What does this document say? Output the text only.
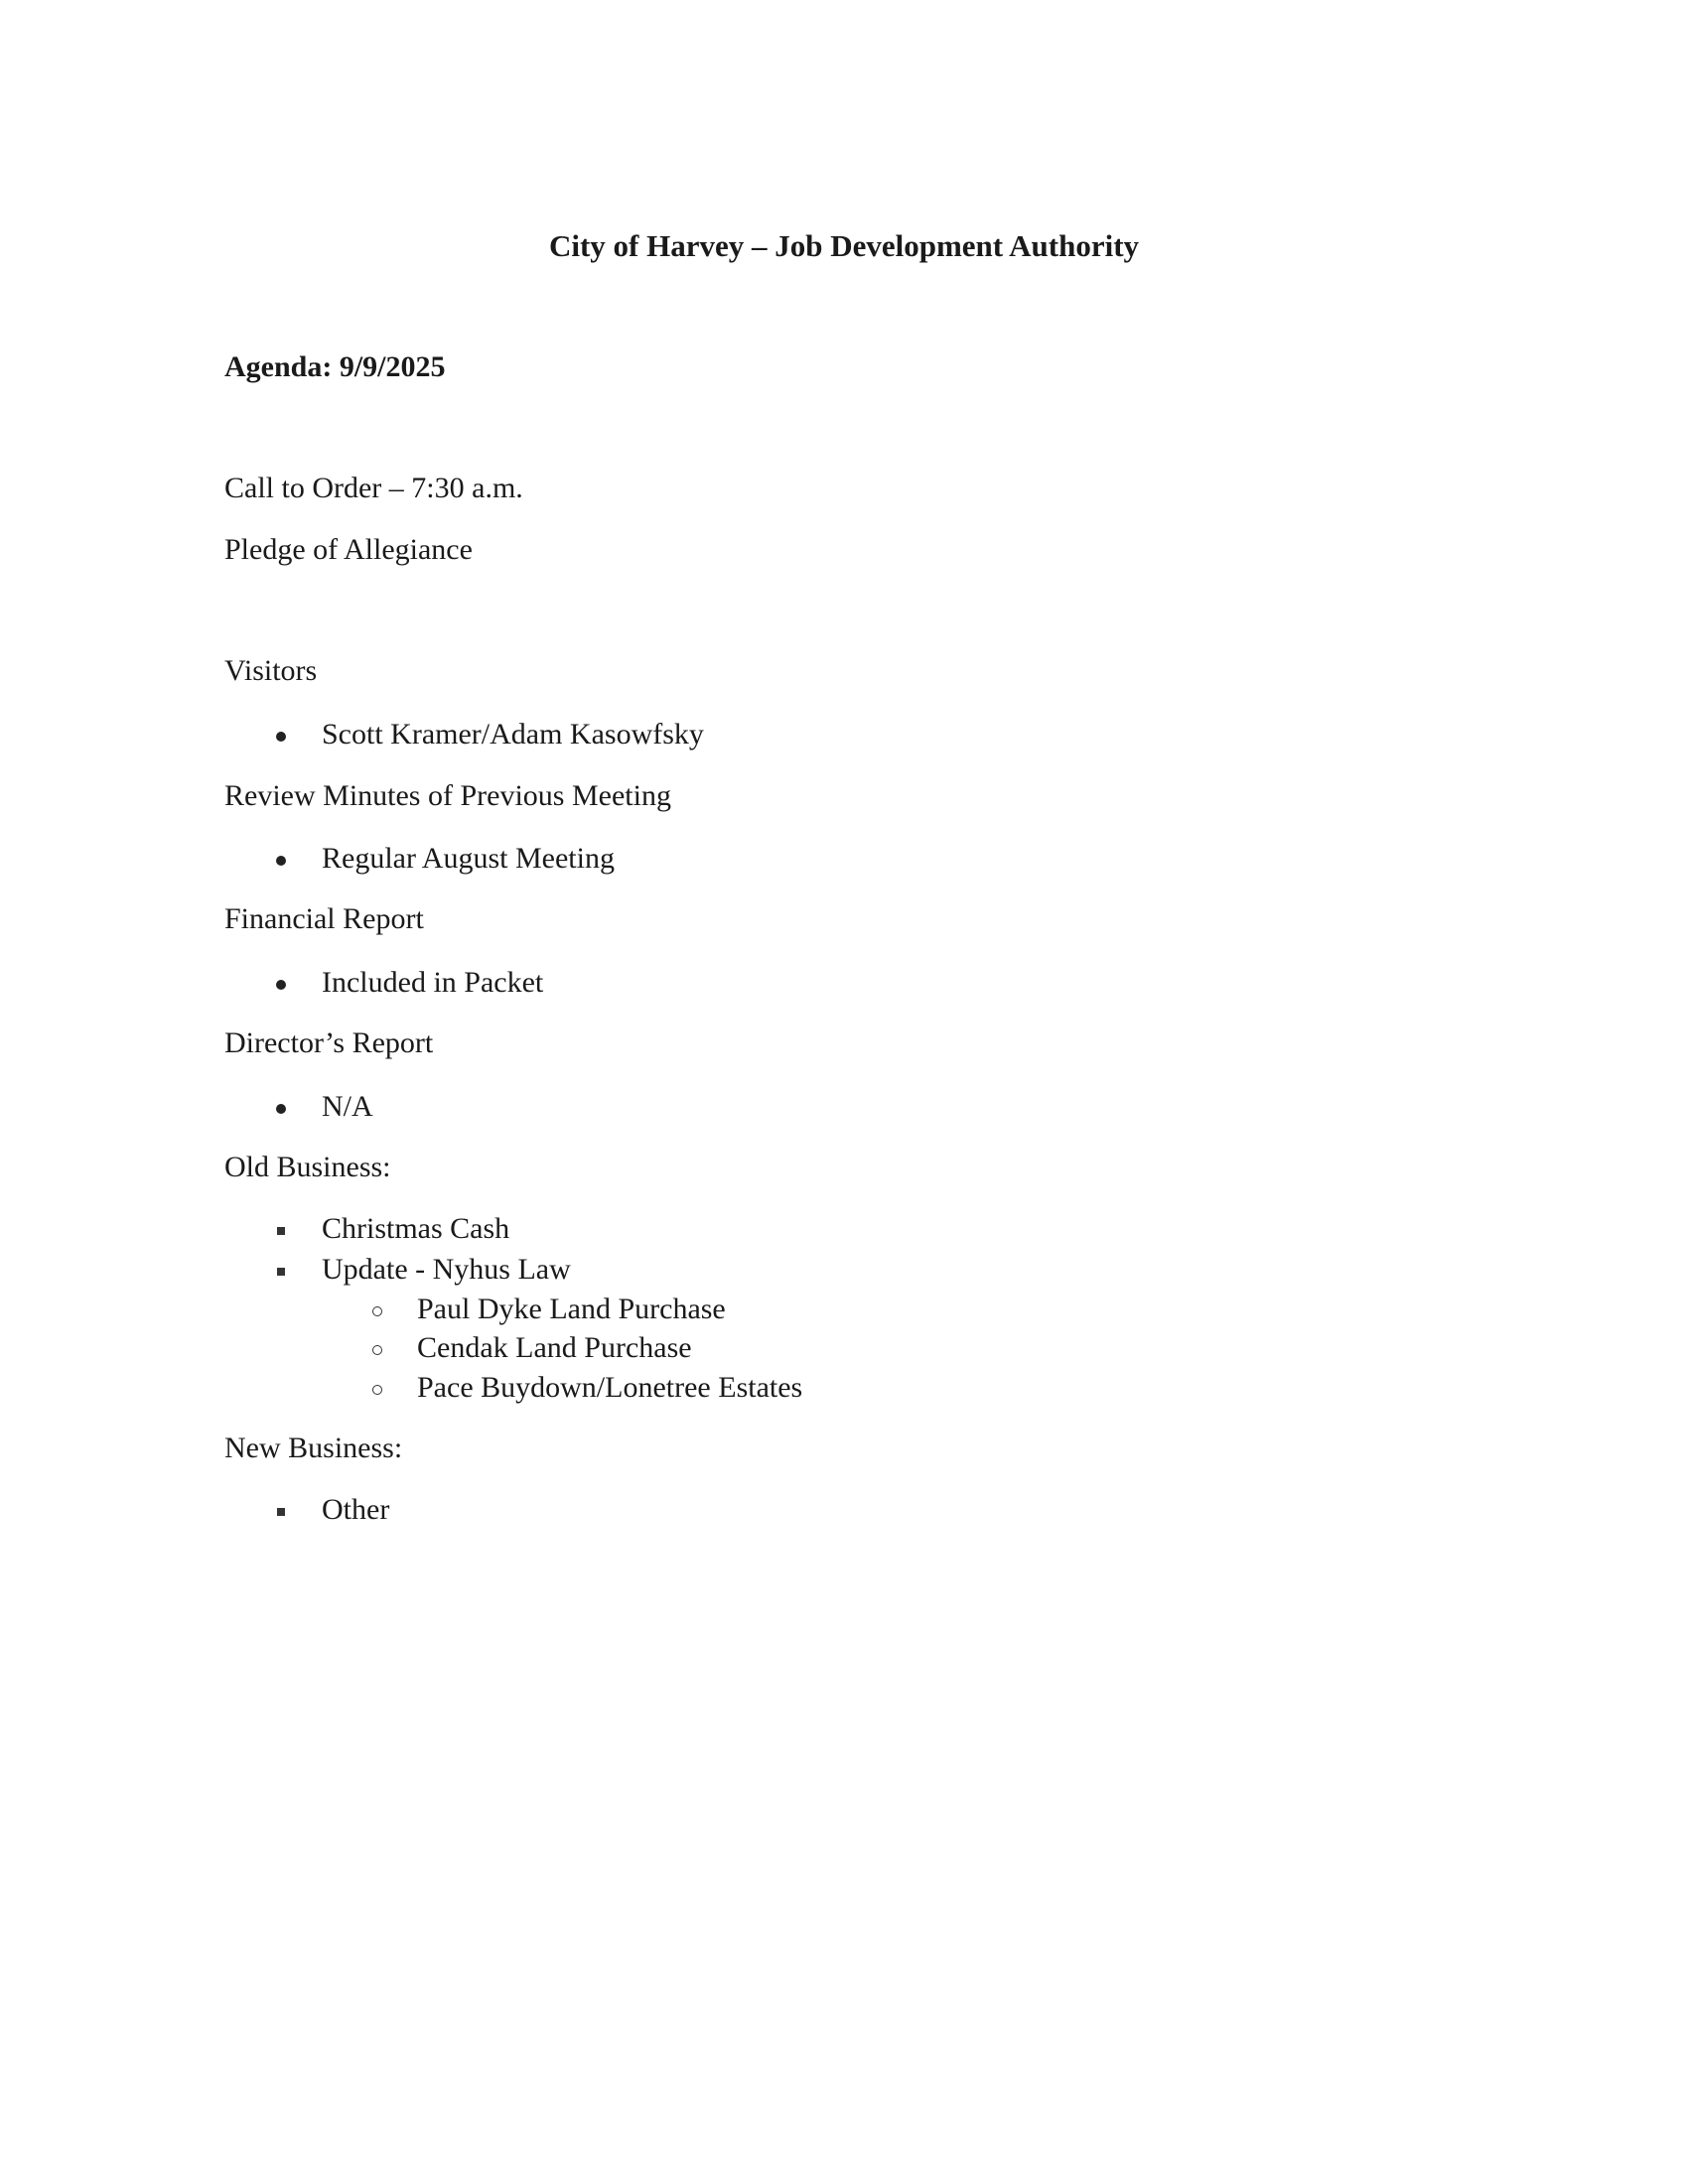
City of Harvey – Job Development Authority
Agenda: 9/9/2025
Call to Order – 7:30 a.m.
Pledge of Allegiance
Visitors
Scott Kramer/Adam Kasowfsky
Review Minutes of Previous Meeting
Regular August Meeting
Financial Report
Included in Packet
Director’s Report
N/A
Old Business:
Christmas Cash
Update - Nyhus Law
Paul Dyke Land Purchase
Cendak Land Purchase
Pace Buydown/Lonetree Estates
New Business:
Other
